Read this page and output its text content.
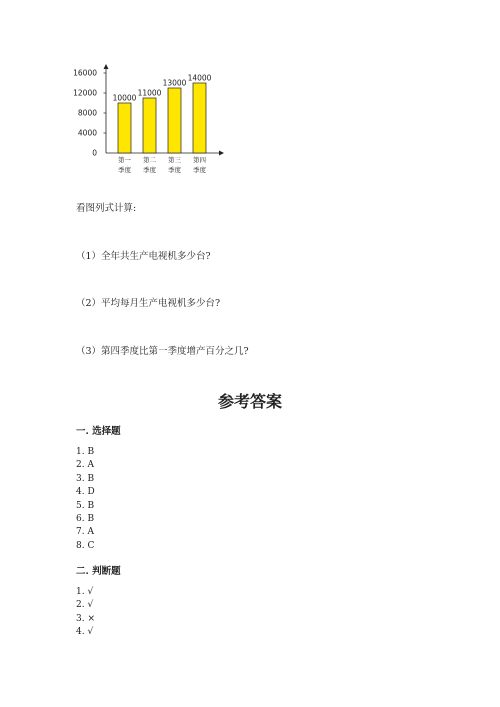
0
4000
8000
12000
16000
10000
第一
季度
11000
第二
季度
13000
第三
季度
14000
第四
季度

看图列式计算:

（1）全年共生产电视机多少台?

（2）平均每月生产电视机多少台?

（3）第四季度比第一季度增产百分之几?

参考答案

一. 选择题

1. B
2. A
3. B
4. D
5. B
6. B
7. A
8. C

二. 判断题

1. √
2. √
3. ×
4. √
